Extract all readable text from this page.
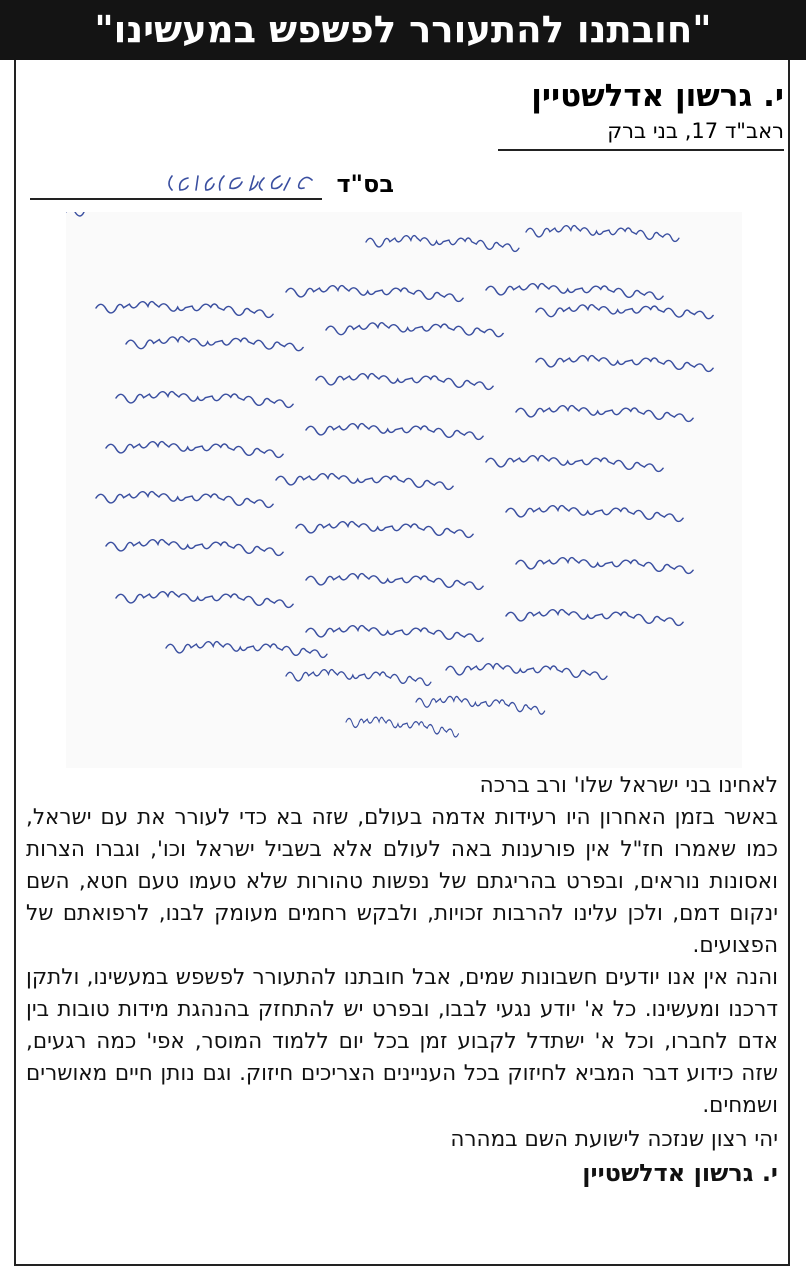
"חובתנו להתעורר לפשפש במעשינו"
י. גרשון אדלשטיין
ראב"ד 17, בני ברק
בס"ד

לאחינו בני ישראל שלו' ורב ברכה

באשר בזמן האחרון היו רעידות אדמה בעולם, שזה בא כדי לעורר את עם ישראל, כמו שאמרו חז"ל אין פורענות באה לעולם אלא בשביל ישראל וכו', וגברו הצרות ואסונות נוראים, ובפרט בהריגתם של נפשות טהורות שלא טעמו טעם חטא, השם ינקום דמם, ולכן עלינו להרבות זכויות, ולבקש רחמים מעומק לבנו, לרפואתם של הפצועים.

והנה אין אנו יודעים חשבונות שמים, אבל חובתנו להתעורר לפשפש במעשינו, ולתקן דרכנו ומעשינו. כל א' יודע נגעי לבבו, ובפרט יש להתחזק בהנהגת מידות טובות בין אדם לחברו, וכל א' ישתדל לקבוע זמן בכל יום ללמוד המוסר, אפי' כמה רגעים, שזה כידוע דבר המביא לחיזוק בכל העניינים הצריכים חיזוק. וגם נותן חיים מאושרים ושמחים.

יהי רצון שנזכה לישועת השם במהרה

י. גרשון אדלשטיין
